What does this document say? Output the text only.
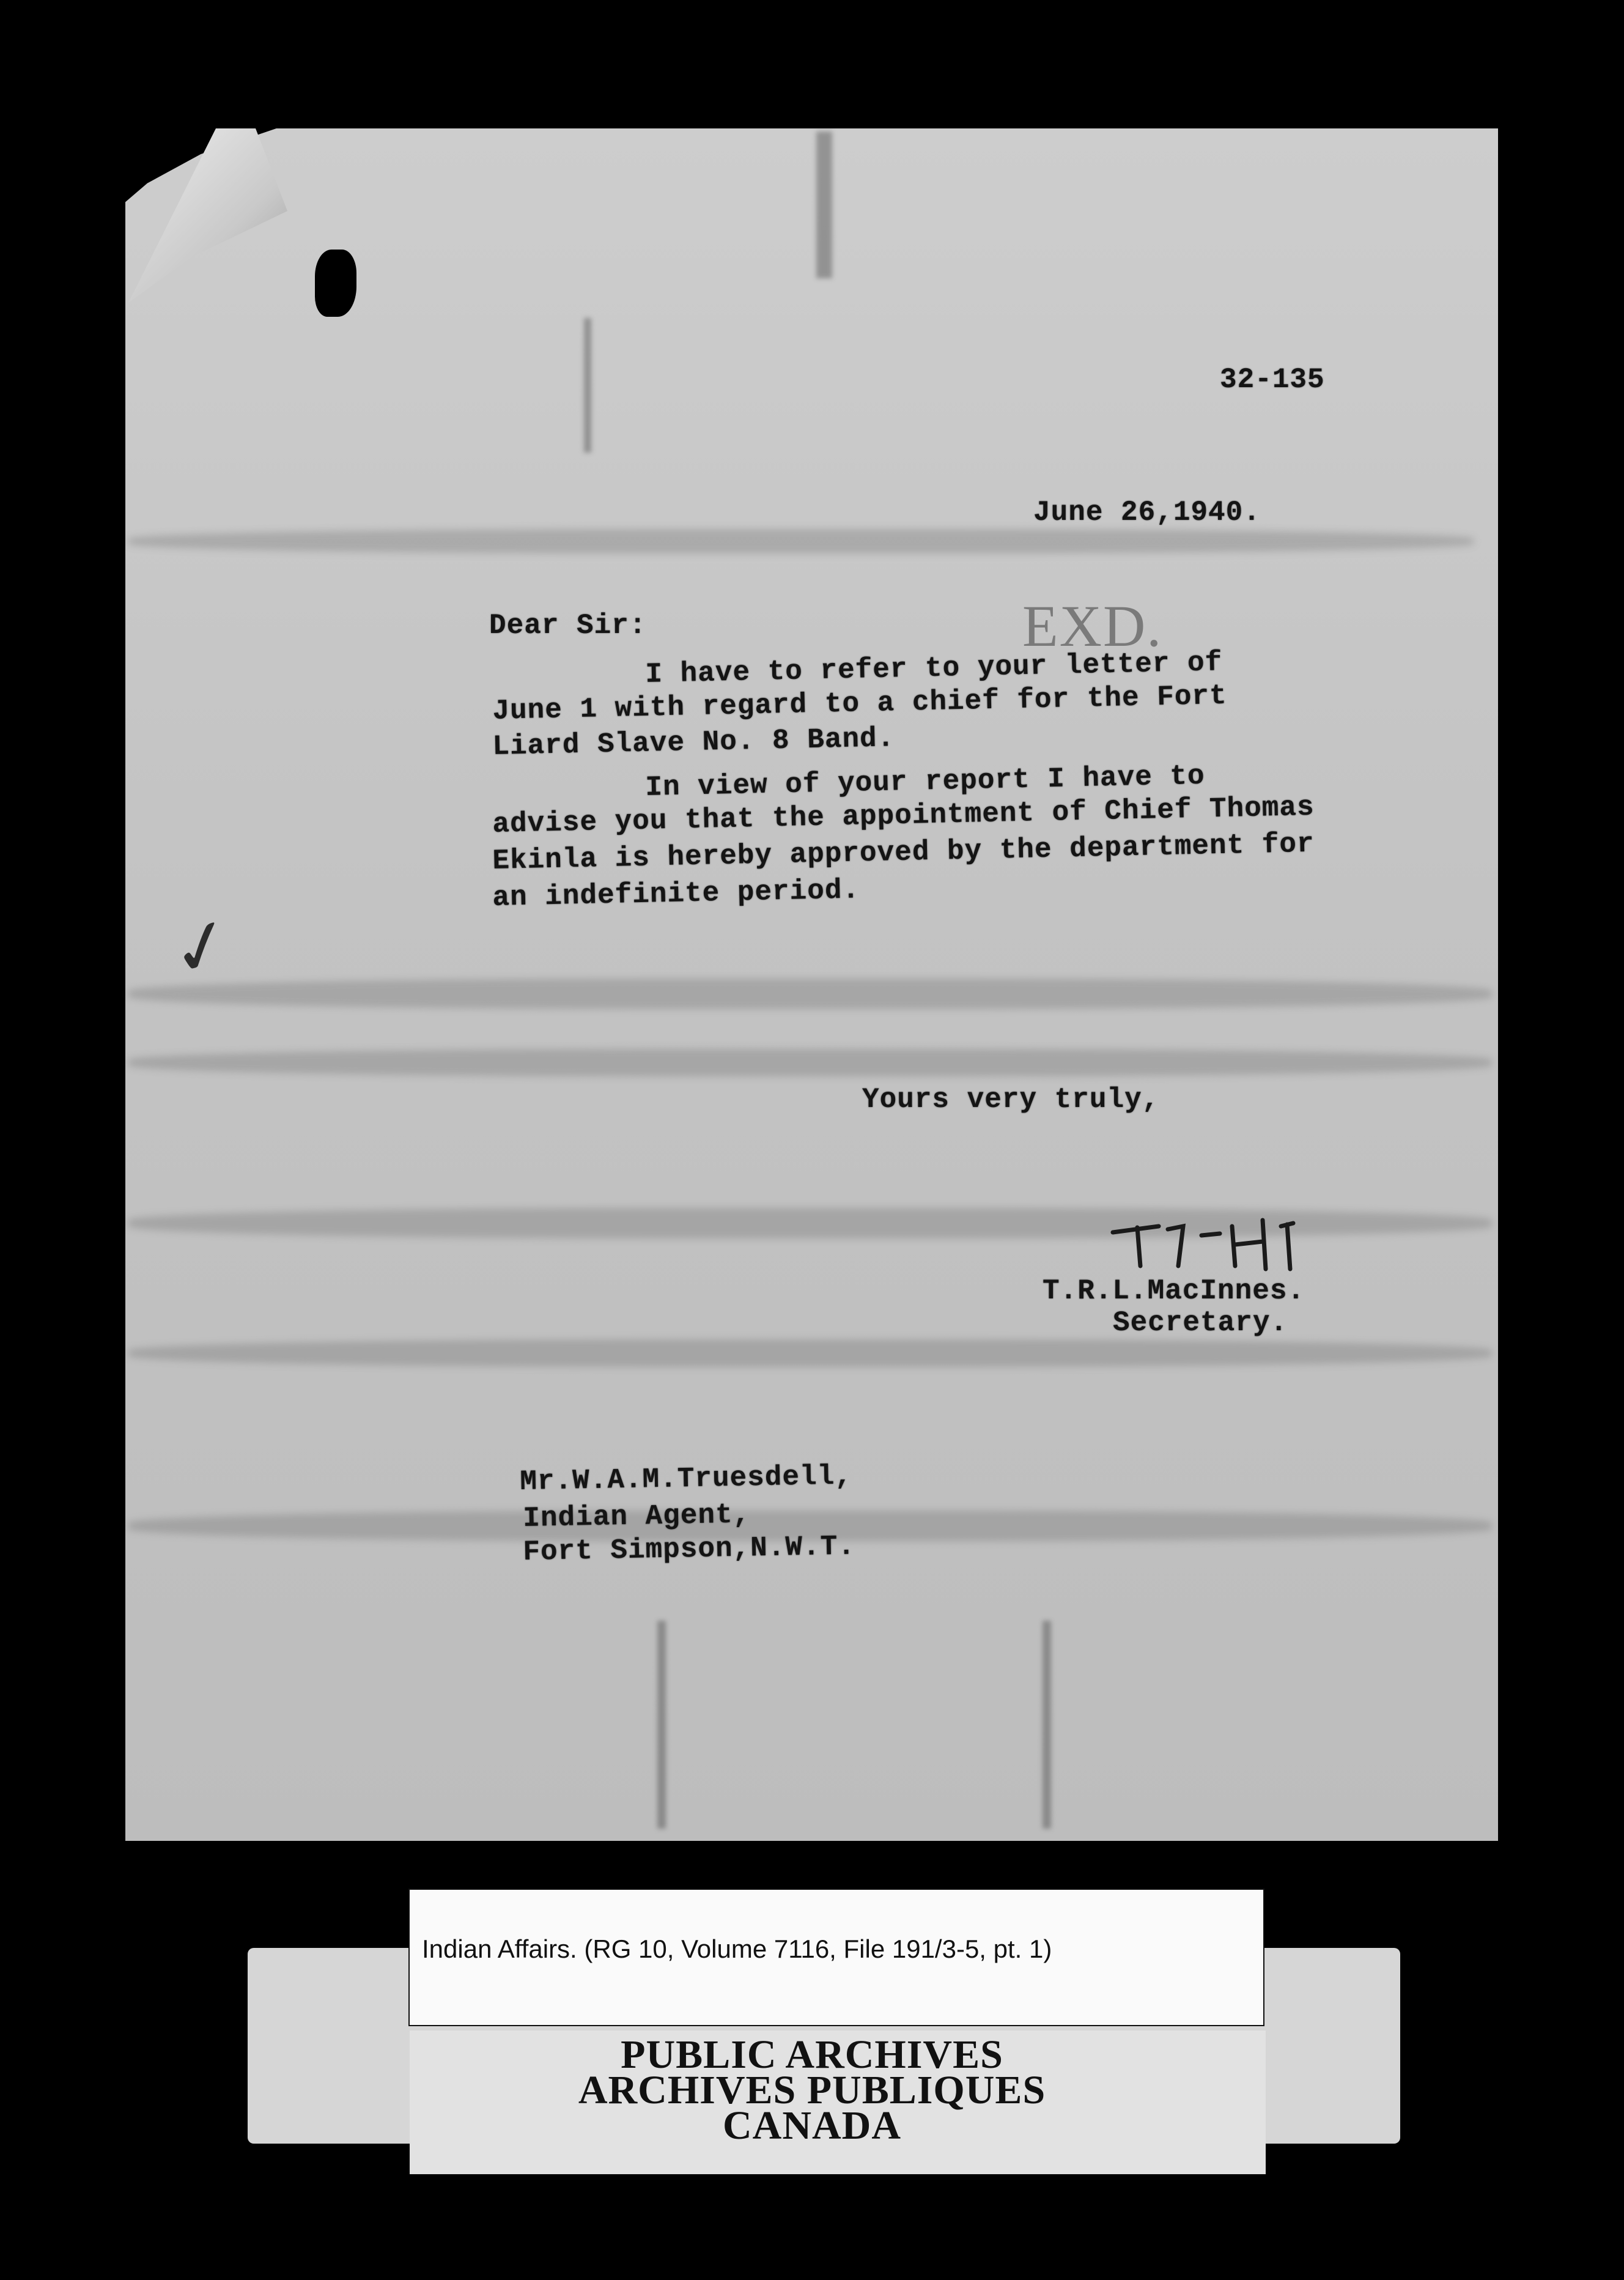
32-135
June 26,1940.
EXD.
Dear Sir:
I have to refer to your letter of
June 1 with regard to a chief for the Fort
Liard Slave No. 8 Band.
In view of your report I have to
advise you that the appointment of Chief Thomas
Ekinla is hereby approved by the department for
an indefinite period.
✓
Yours very truly,
T.R.L.MacInnes.
Secretary.
Mr.W.A.M.Truesdell,
Indian Agent,
Fort Simpson,N.W.T.
Indian Affairs. (RG 10, Volume 7116, File 191/3-5, pt. 1)
PUBLIC ARCHIVES
ARCHIVES PUBLIQUES
CANADA
